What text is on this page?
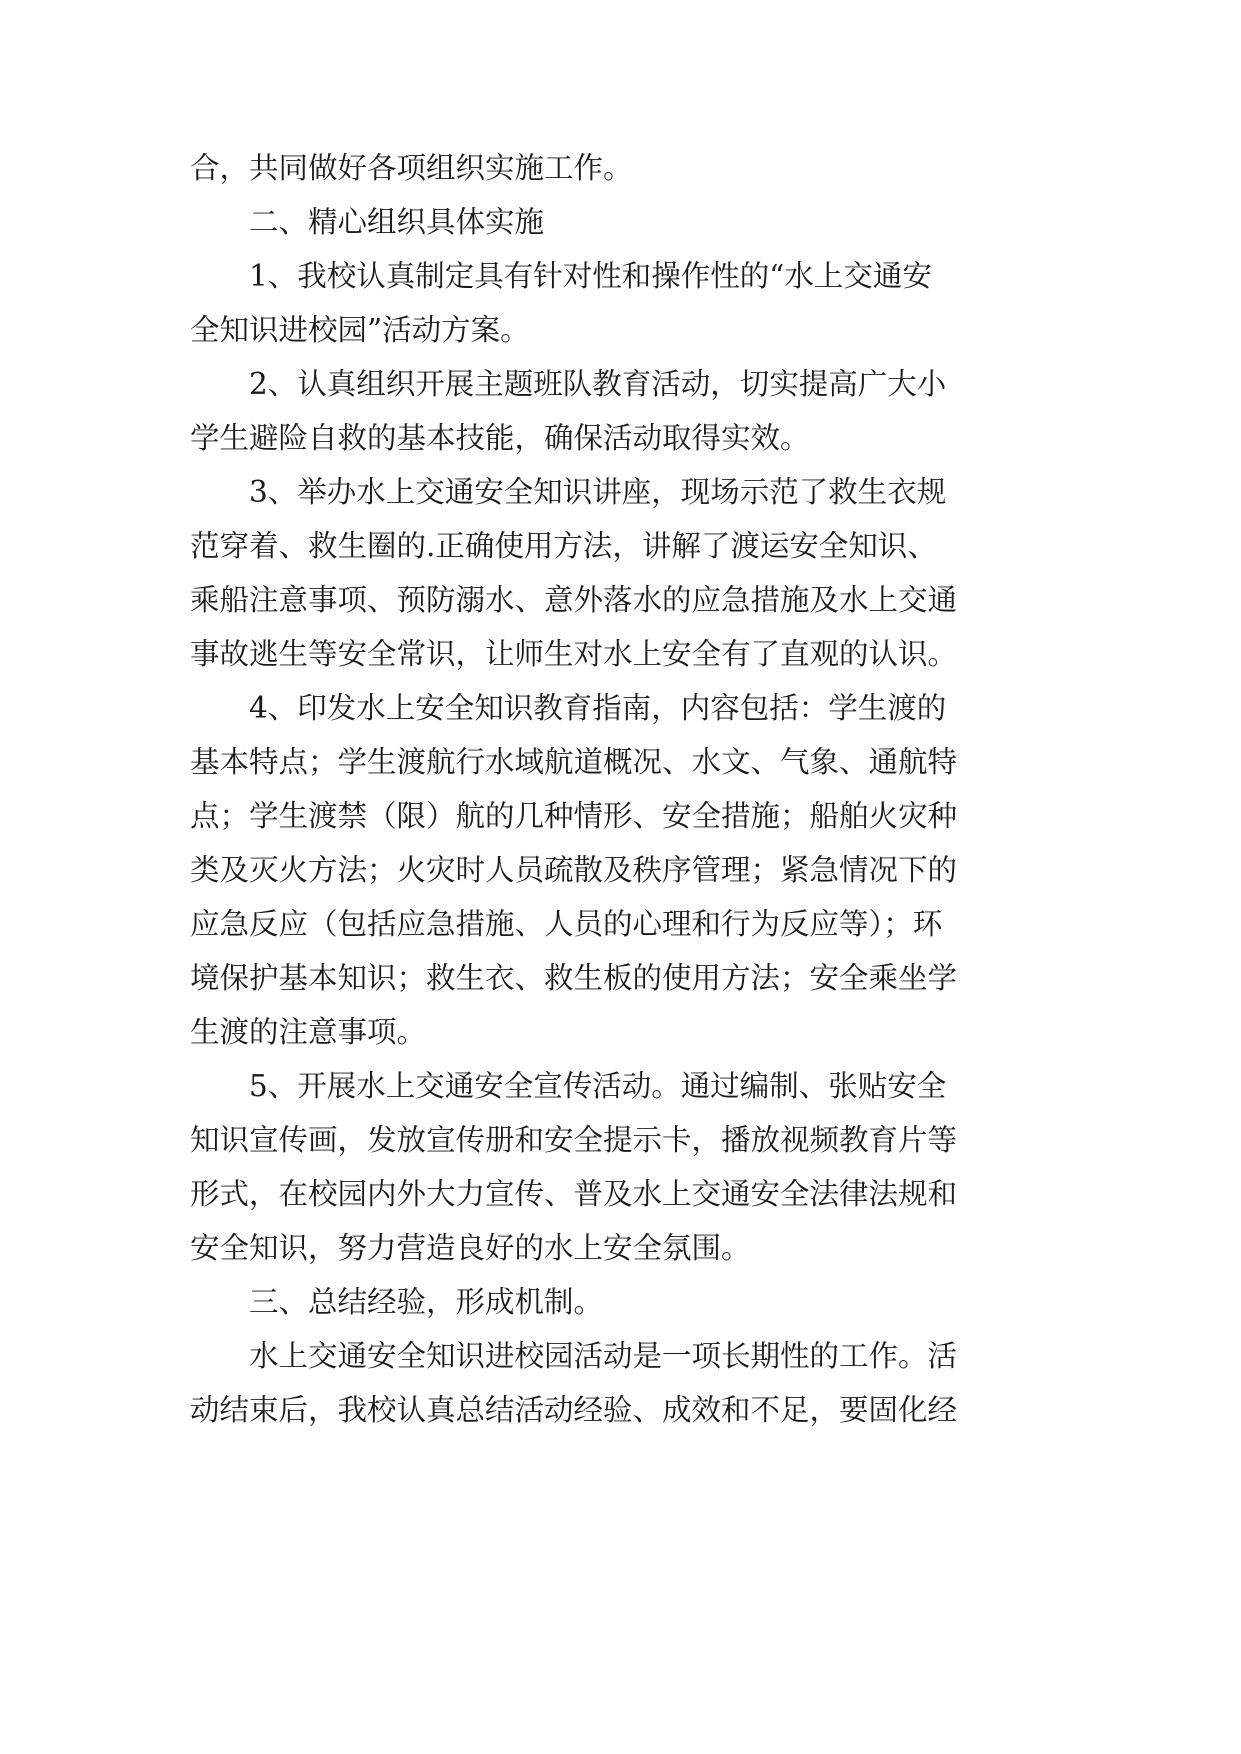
合，共同做好各项组织实施工作。
二、精心组织具体实施
1、我校认真制定具有针对性和操作性的“水上交通安
全知识进校园”活动方案。
2、认真组织开展主题班队教育活动，切实提高广大小
学生避险自救的基本技能，确保活动取得实效。
3、举办水上交通安全知识讲座，现场示范了救生衣规
范穿着、救生圈的.正确使用方法，讲解了渡运安全知识、
乘船注意事项、预防溺水、意外落水的应急措施及水上交通
事故逃生等安全常识，让师生对水上安全有了直观的认识。
4、印发水上安全知识教育指南，内容包括：学生渡的
基本特点；学生渡航行水域航道概况、水文、气象、通航特
点；学生渡禁（限）航的几种情形、安全措施；船舶火灾种
类及灭火方法；火灾时人员疏散及秩序管理；紧急情况下的
应急反应（包括应急措施、人员的心理和行为反应等）；环
境保护基本知识；救生衣、救生板的使用方法；安全乘坐学
生渡的注意事项。
5、开展水上交通安全宣传活动。通过编制、张贴安全
知识宣传画，发放宣传册和安全提示卡，播放视频教育片等
形式，在校园内外大力宣传、普及水上交通安全法律法规和
安全知识，努力营造良好的水上安全氛围。
三、总结经验，形成机制。
水上交通安全知识进校园活动是一项长期性的工作。活
动结束后，我校认真总结活动经验、成效和不足，要固化经
